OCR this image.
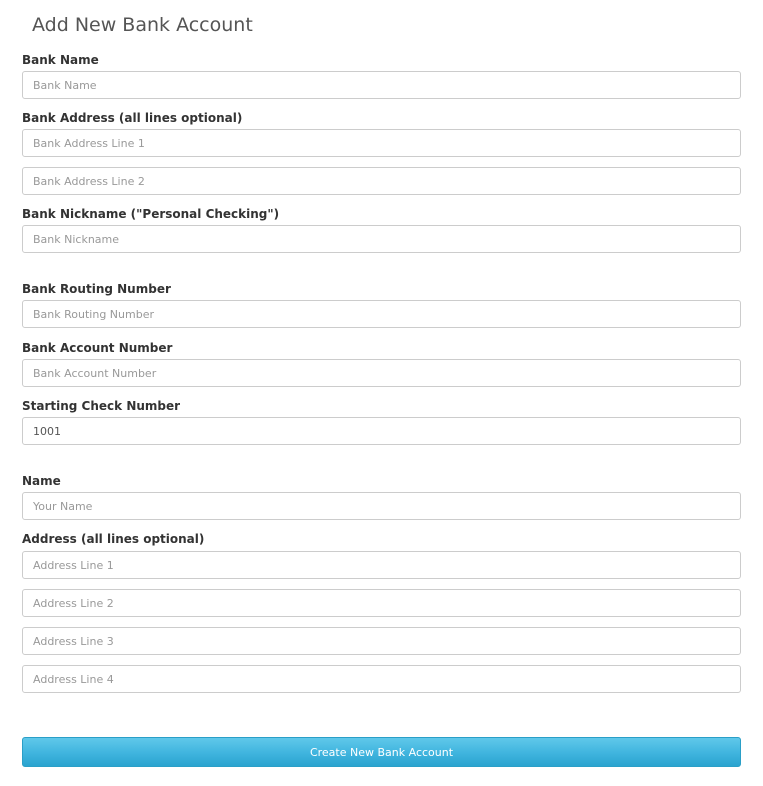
Add New Bank Account
Bank Name
Bank Name
Bank Address (all lines optional)
Bank Address Line 1
Bank Address Line 2
Bank Nickname ("Personal Checking")
Bank Nickname
Bank Routing Number
Bank Routing Number
Bank Account Number
Bank Account Number
Starting Check Number
1001
Name
Your Name
Address (all lines optional)
Address Line 1
Address Line 2
Address Line 3
Address Line 4
Create New Bank Account
